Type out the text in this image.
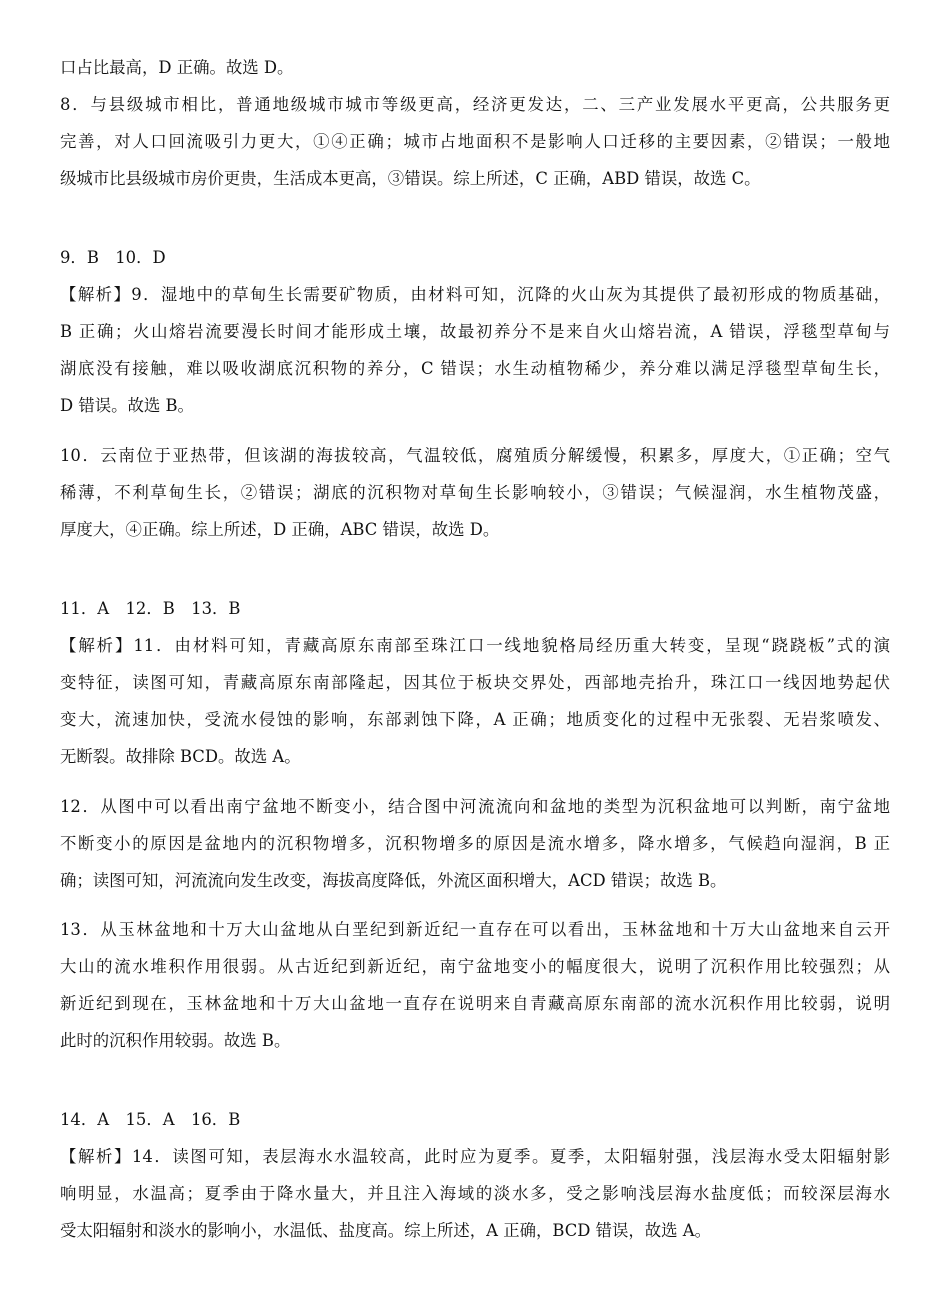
口占比最高，D 正确。故选 D。
8．与县级城市相比，普通地级城市城市等级更高，经济更发达，二、三产业发展水平更高，公共服务更
完善，对人口回流吸引力更大，①④正确；城市占地面积不是影响人口迁移的主要因素，②错误；一般地
级城市比县级城市房价更贵，生活成本更高，③错误。综上所述，C 正确，ABD 错误，故选 C。
9．B　10．D
【解析】9．湿地中的草甸生长需要矿物质，由材料可知，沉降的火山灰为其提供了最初形成的物质基础，
B 正确；火山熔岩流要漫长时间才能形成土壤，故最初养分不是来自火山熔岩流，A 错误，浮毯型草甸与
湖底没有接触，难以吸收湖底沉积物的养分，C 错误；水生动植物稀少，养分难以满足浮毯型草甸生长，
D 错误。故选 B。
10．云南位于亚热带，但该湖的海拔较高，气温较低，腐殖质分解缓慢，积累多，厚度大，①正确；空气
稀薄，不利草甸生长，②错误；湖底的沉积物对草甸生长影响较小，③错误；气候湿润，水生植物茂盛，
厚度大，④正确。综上所述，D 正确，ABC 错误，故选 D。
11．A　12．B　13．B
【解析】11．由材料可知，青藏高原东南部至珠江口一线地貌格局经历重大转变，呈现“跷跷板”式的演
变特征，读图可知，青藏高原东南部隆起，因其位于板块交界处，西部地壳抬升，珠江口一线因地势起伏
变大，流速加快，受流水侵蚀的影响，东部剥蚀下降，A 正确；地质变化的过程中无张裂、无岩浆喷发、
无断裂。故排除 BCD。故选 A。
12．从图中可以看出南宁盆地不断变小，结合图中河流流向和盆地的类型为沉积盆地可以判断，南宁盆地
不断变小的原因是盆地内的沉积物增多，沉积物增多的原因是流水增多，降水增多，气候趋向湿润，B 正
确；读图可知，河流流向发生改变，海拔高度降低，外流区面积增大，ACD 错误；故选 B。
13．从玉林盆地和十万大山盆地从白垩纪到新近纪一直存在可以看出，玉林盆地和十万大山盆地来自云开
大山的流水堆积作用很弱。从古近纪到新近纪，南宁盆地变小的幅度很大，说明了沉积作用比较强烈；从
新近纪到现在，玉林盆地和十万大山盆地一直存在说明来自青藏高原东南部的流水沉积作用比较弱，说明
此时的沉积作用较弱。故选 B。
14．A　15．A　16．B
【解析】14．读图可知，表层海水水温较高，此时应为夏季。夏季，太阳辐射强，浅层海水受太阳辐射影
响明显，水温高；夏季由于降水量大，并且注入海域的淡水多，受之影响浅层海水盐度低；而较深层海水
受太阳辐射和淡水的影响小，水温低、盐度高。综上所述，A 正确，BCD 错误，故选 A。
